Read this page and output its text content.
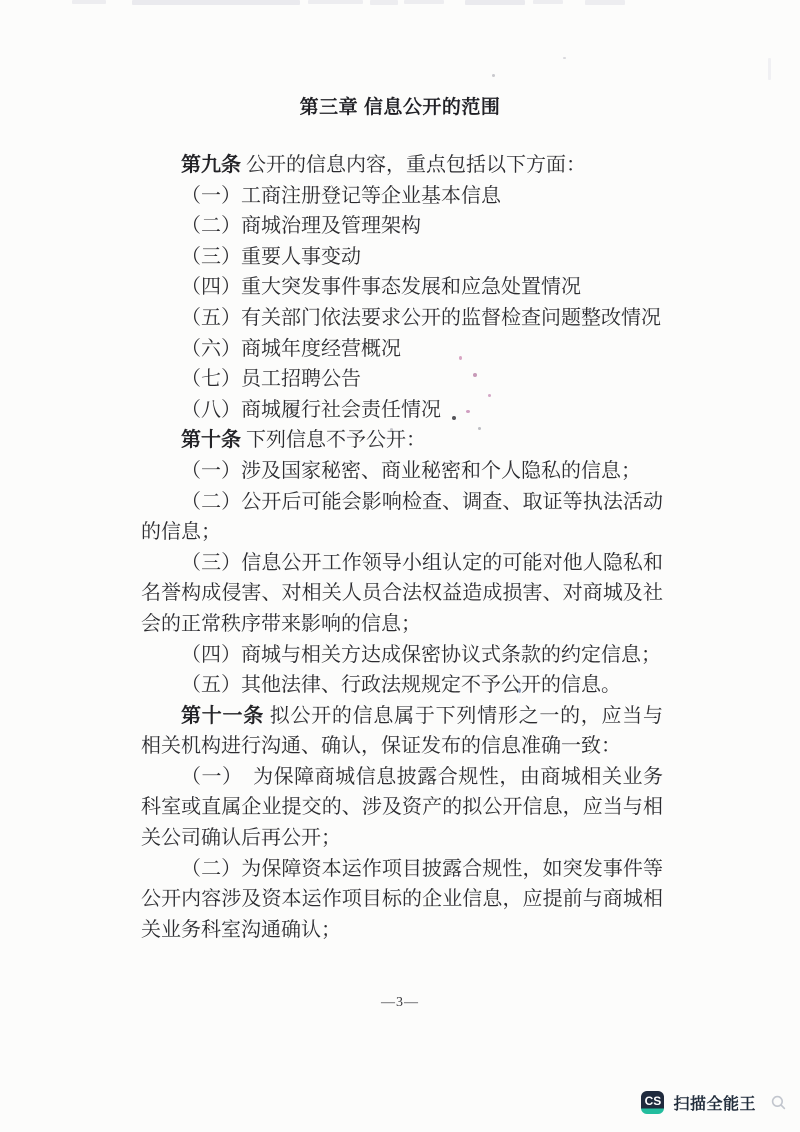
第三章 信息公开的范围

第九条 公开的信息内容，重点包括以下方面：

（一）工商注册登记等企业基本信息

（二）商城治理及管理架构

（三）重要人事变动

（四）重大突发事件事态发展和应急处置情况

（五）有关部门依法要求公开的监督检查问题整改情况

（六）商城年度经营概况

（七）员工招聘公告

（八）商城履行社会责任情况

第十条 下列信息不予公开：

（一）涉及国家秘密、商业秘密和个人隐私的信息；

（二）公开后可能会影响检查、调查、取证等执法活动的信息；

（三）信息公开工作领导小组认定的可能对他人隐私和名誉构成侵害、对相关人员合法权益造成损害、对商城及社会的正常秩序带来影响的信息；

（四）商城与相关方达成保密协议式条款的约定信息；

（五）其他法律、行政法规规定不予公开的信息。

第十一条 拟公开的信息属于下列情形之一的，应当与相关机构进行沟通、确认，保证发布的信息准确一致：

（一）　为保障商城信息披露合规性，由商城相关业务科室或直属企业提交的、涉及资产的拟公开信息，应当与相关公司确认后再公开；

（二）为保障资本运作项目披露合规性，如突发事件等公开内容涉及资本运作项目标的企业信息，应提前与商城相关业务科室沟通确认；

—3—
CS 扫描全能王
